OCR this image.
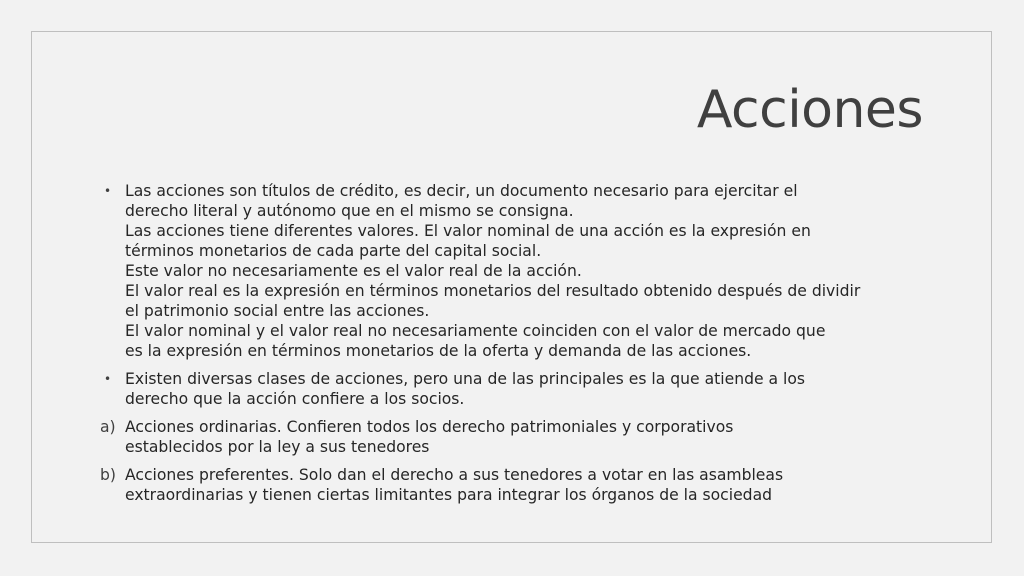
Acciones
• Las acciones son títulos de crédito, es decir, un documento necesario para ejercitar el
derecho literal y autónomo que en el mismo se consigna.
Las acciones tiene diferentes valores. El valor nominal de una acción es la expresión en
términos monetarios de cada parte del capital social.
Este valor no necesariamente es el valor real de la acción.
El valor real es la expresión en términos monetarios del resultado obtenido después de dividir
el patrimonio social entre las acciones.
El valor nominal y el valor real no necesariamente coinciden con el valor de mercado que
es la expresión en términos monetarios de la oferta y demanda de las acciones.
• Existen diversas clases de acciones, pero una de las principales es la que atiende a los
derecho que la acción confiere a los socios.
a) Acciones ordinarias. Confieren todos los derecho patrimoniales y corporativos
establecidos por la ley a sus tenedores
b) Acciones preferentes. Solo dan el derecho a sus tenedores a votar en las asambleas
extraordinarias y tienen ciertas limitantes para integrar los órganos de la sociedad
